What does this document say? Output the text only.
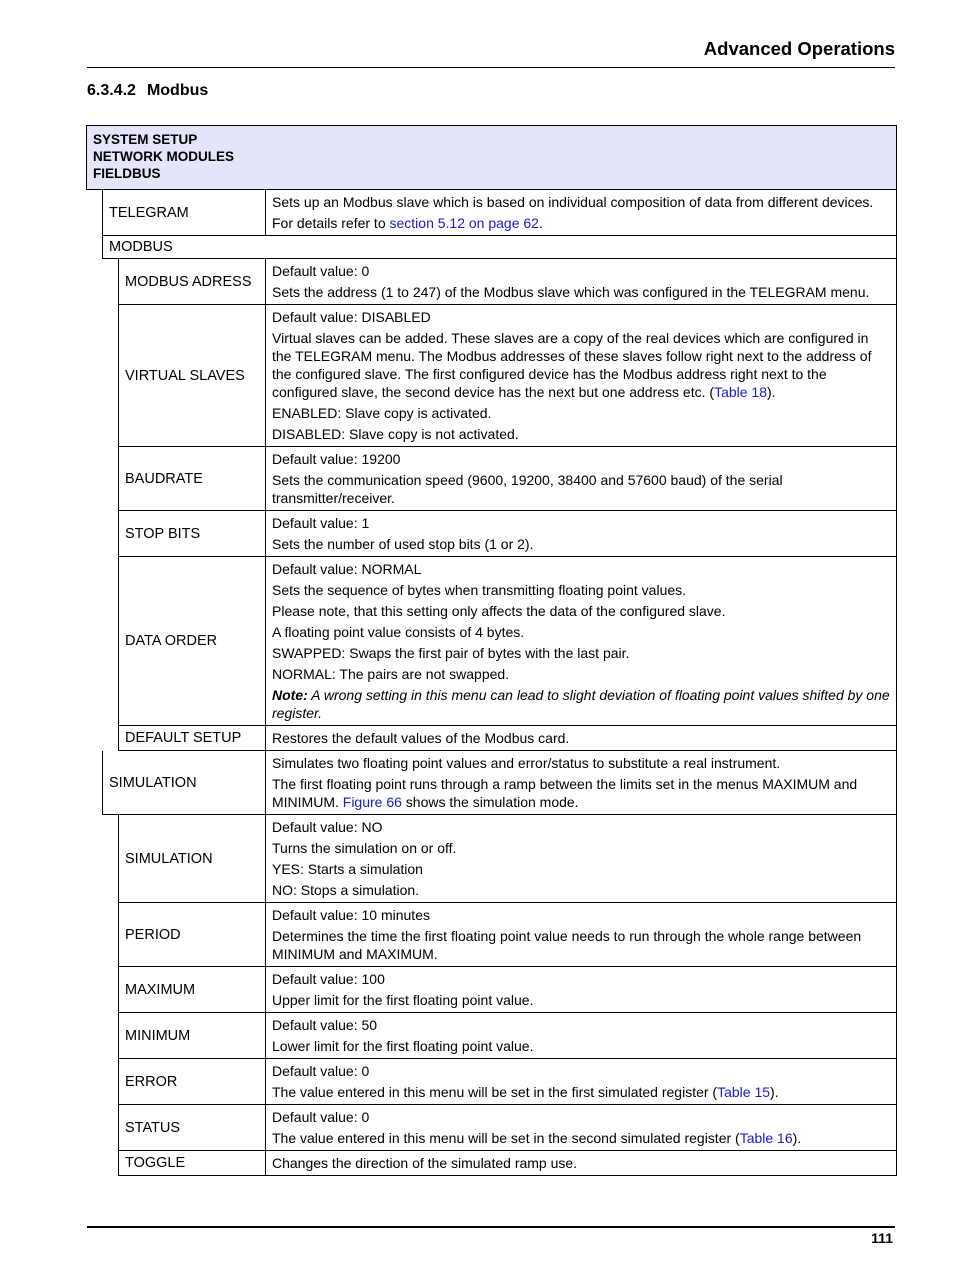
Advanced Operations
6.3.4.2 Modbus
SYSTEM SETUP
NETWORK MODULES
FIELDBUS
TELEGRAM

Sets up an Modbus slave which is based on individual composition of data from different devices.

For details refer to section 5.12 on page 62.

MODBUS
MODBUS ADRESS

Default value: 0

Sets the address (1 to 247) of the Modbus slave which was configured in the TELEGRAM menu.

VIRTUAL SLAVES

Default value: DISABLED

Virtual slaves can be added. These slaves are a copy of the real devices which are configured in the TELEGRAM menu. The Modbus addresses of these slaves follow right next to the address of the configured slave. The first configured device has the Modbus address right next to the configured slave, the second device has the next but one address etc. (Table 18).

ENABLED: Slave copy is activated.

DISABLED: Slave copy is not activated.

BAUDRATE

Default value: 19200

Sets the communication speed (9600, 19200, 38400 and 57600 baud) of the serial transmitter/receiver.

STOP BITS

Default value: 1

Sets the number of used stop bits (1 or 2).

DATA ORDER

Default value: NORMAL

Sets the sequence of bytes when transmitting floating point values.

Please note, that this setting only affects the data of the configured slave.

A floating point value consists of 4 bytes.

SWAPPED: Swaps the first pair of bytes with the last pair.

NORMAL: The pairs are not swapped.

Note: A wrong setting in this menu can lead to slight deviation of floating point values shifted by one register.

DEFAULT SETUP	Restores the default values of the Modbus card.

SIMULATION

Simulates two floating point values and error/status to substitute a real instrument.

The first floating point runs through a ramp between the limits set in the menus MAXIMUM and MINIMUM. Figure 66 shows the simulation mode.

SIMULATION

Default value: NO

Turns the simulation on or off.

YES: Starts a simulation

NO: Stops a simulation.

PERIOD

Default value: 10 minutes

Determines the time the first floating point value needs to run through the whole range between MINIMUM and MAXIMUM.

MAXIMUM

Default value: 100

Upper limit for the first floating point value.

MINIMUM

Default value: 50

Lower limit for the first floating point value.

ERROR

Default value: 0

The value entered in this menu will be set in the first simulated register (Table 15).

STATUS

Default value: 0

The value entered in this menu will be set in the second simulated register (Table 16).

TOGGLE	Changes the direction of the simulated ramp use.

111
